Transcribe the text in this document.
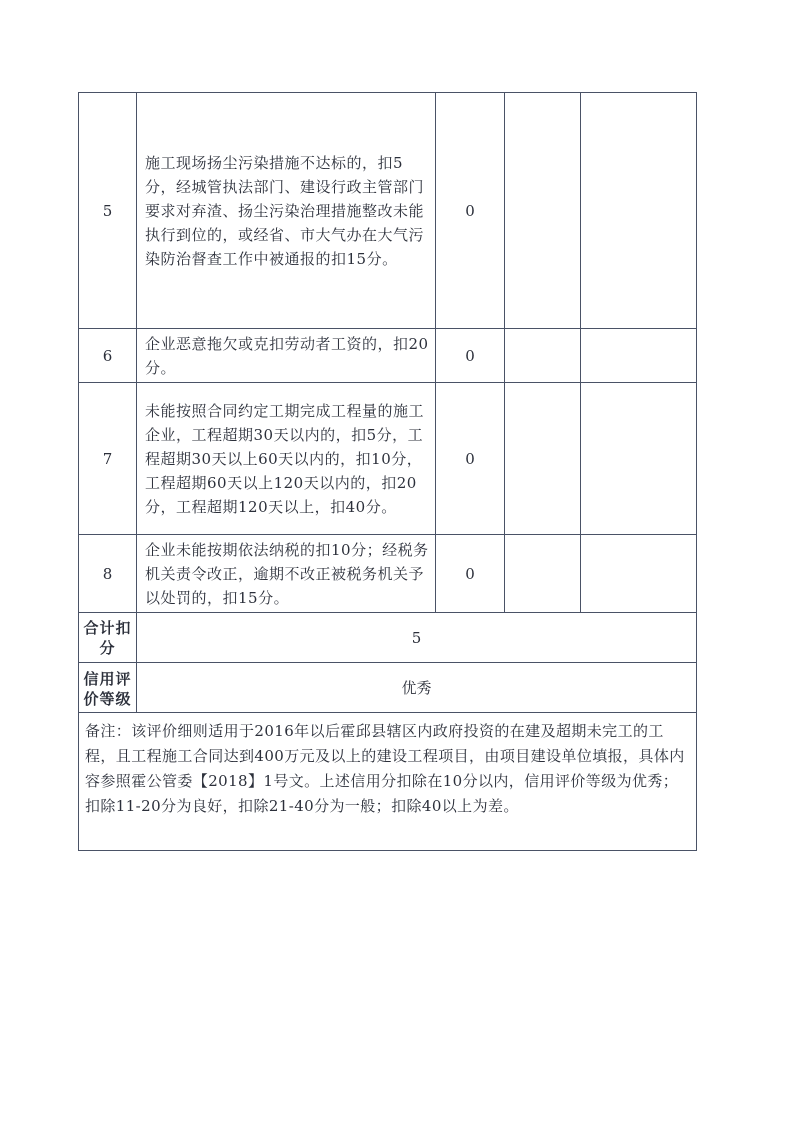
5	施工现场扬尘污染措施不达标的，扣5分，经城管执法部门、建设行政主管部门要求对弃渣、扬尘污染治理措施整改未能执行到位的，或经省、市大气办在大气污染防治督查工作中被通报的扣15分。	0		
6	企业恶意拖欠或克扣劳动者工资的，扣20分。	0		
7	未能按照合同约定工期完成工程量的施工企业，工程超期30天以内的，扣5分，工程超期30天以上60天以内的，扣10分，工程超期60天以上120天以内的，扣20分，工程超期120天以上，扣40分。	0		
8	企业未能按期依法纳税的扣10分；经税务机关责令改正，逾期不改正被税务机关予以处罚的，扣15分。	0		
合计扣分	5			

信用评价等级	优秀			
备注：该评价细则适用于2016年以后霍邱县辖区内政府投资的在建及超期未完工的工程，且工程施工合同达到400万元及以上的建设工程项目，由项目建设单位填报，具体内容参照霍公管委【2018】1号文。上述信用分扣除在10分以内，信用评价等级为优秀；扣除11-20分为良好，扣除21-40分为一般；扣除40以上为差。				
